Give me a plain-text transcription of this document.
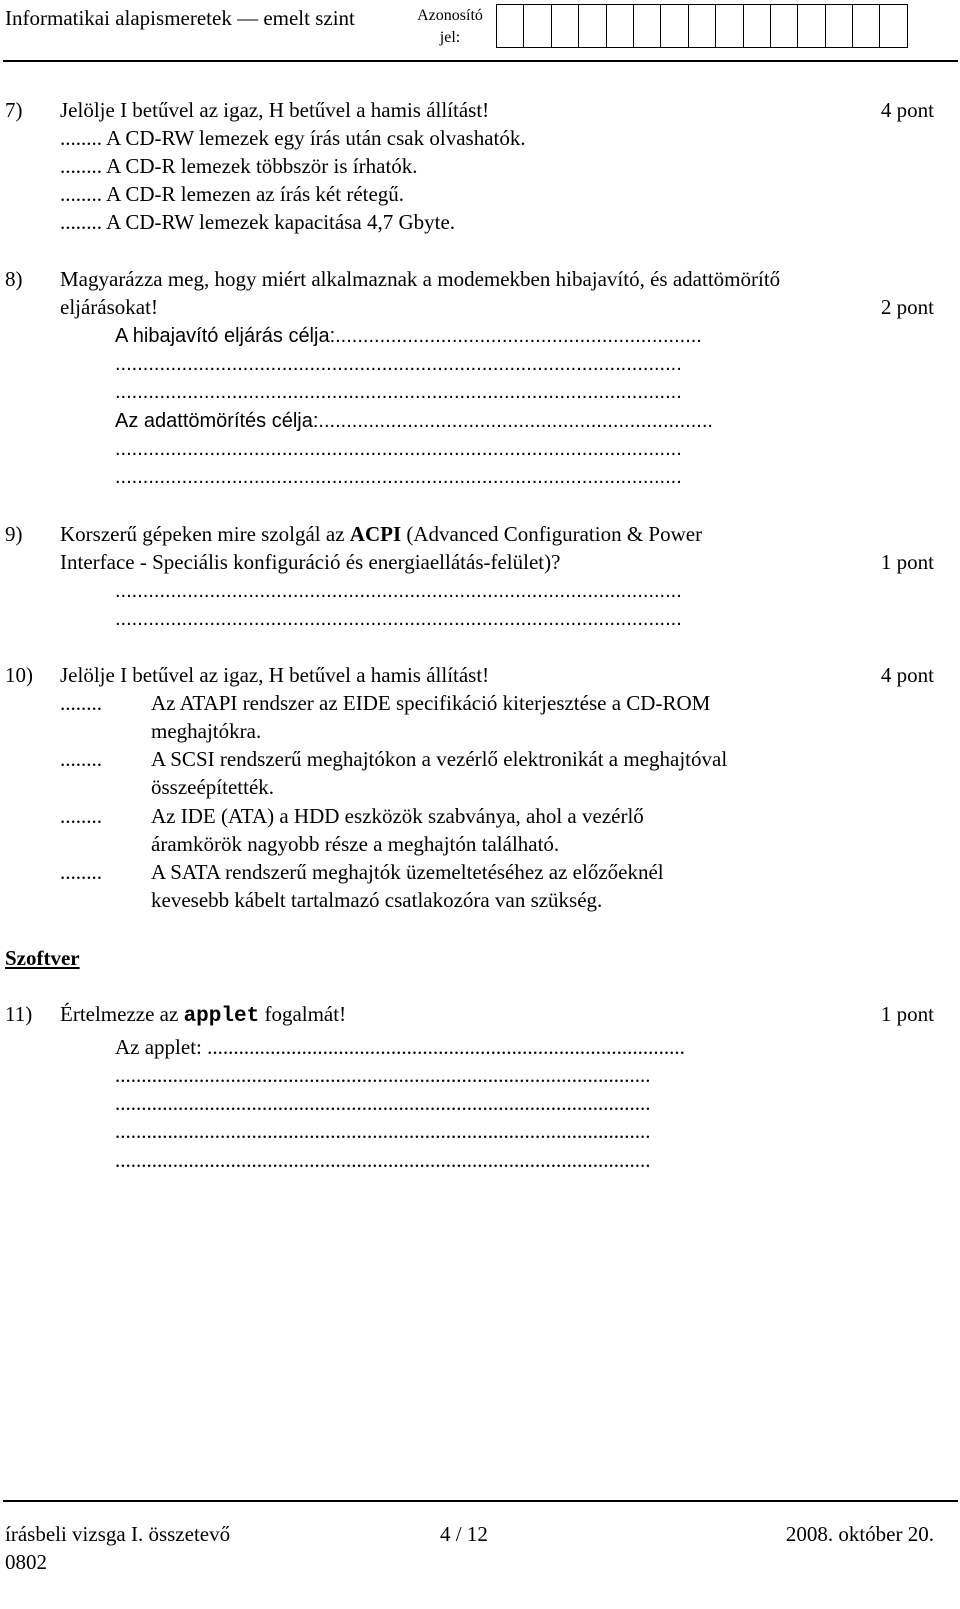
Informatikai alapismeretek — emelt szint	Azonosító jel:
7) Jelölje I betűvel az igaz, H betűvel a hamis állítást!	4 pont
........ A CD-RW lemezek egy írás után csak olvashatók.
........ A CD-R lemezek többször is írhatók.
........ A CD-R lemezen az írás két rétegű.
........ A CD-RW lemezek kapacitása 4,7 Gbyte.
8) Magyarázza meg, hogy miért alkalmaznak a modemekben hibajavító, és adattömörítő
eljárásokat!	2 pont
A hibajavító eljárás célja:..................................................................
......................................................................................................
......................................................................................................
Az adattömörítés célja:.......................................................................
......................................................................................................
......................................................................................................
9) Korszerű gépeken mire szolgál az ACPI (Advanced Configuration & Power
Interface - Speciális konfiguráció és energiaellátás-felület)?	1 pont
......................................................................................................
......................................................................................................
10) Jelölje I betűvel az igaz, H betűvel a hamis állítást!	4 pont
........ Az ATAPI rendszer az EIDE specifikáció kiterjesztése a CD-ROM
meghajtókra.
........ A SCSI rendszerű meghajtókon a vezérlő elektronikát a meghajtóval
összeépítették.
........ Az IDE (ATA) a HDD eszközök szabványa, ahol a vezérlő
áramkörök nagyobb része a meghajtón található.
........ A SATA rendszerű meghajtók üzemeltetéséhez az előzőeknél
kevesebb kábelt tartalmazó csatlakozóra van szükség.
Szoftver
11) Értelmezze az applet fogalmát!	1 pont
Az applet: ...........................................................................................
......................................................................................................
......................................................................................................
......................................................................................................
......................................................................................................
írásbeli vizsga I. összetevő
0802
4 / 12	2008. október 20.
